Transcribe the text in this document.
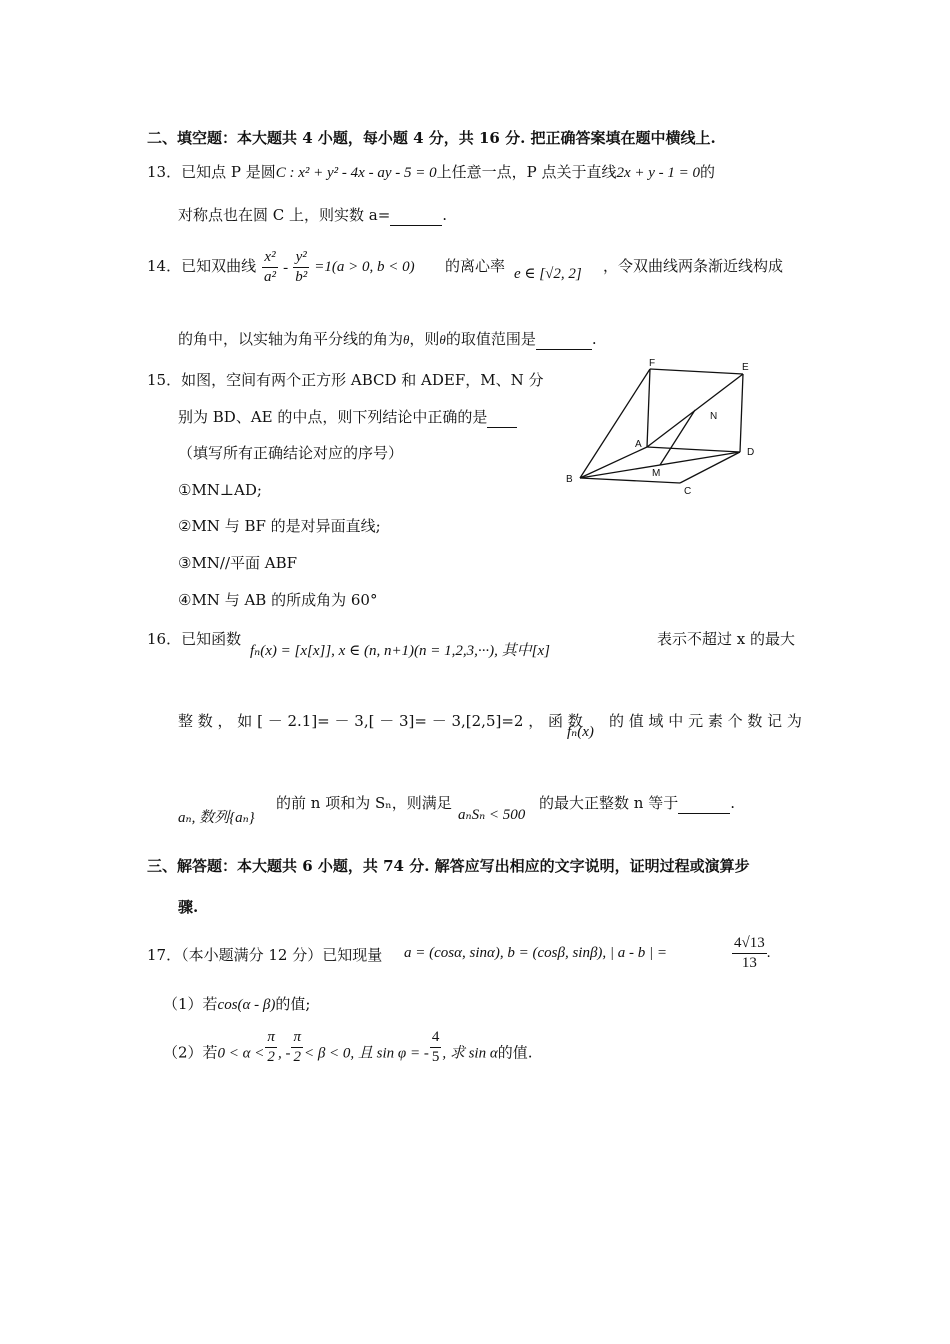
二、填空题：本大题共 4 小题，每小题 4 分，共 16 分. 把正确答案填在题中横线上.
13．已知点 P 是圆C : x² + y² - 4x - ay - 5 = 0上任意一点，P 点关于直线2x + y - 1 = 0的
对称点也在圆 C 上，则实数 a=	.
14．已知双曲线 $\frac{\text{x²}}{\text{a²}} - \frac{\text{y²}}{\text{b²}} =1(a > 0$, b < 0) 的离心率 e ∈ [√2, 2] ，令双曲线两条渐近线构成
的角中，以实轴为角平分线的角为θ，则θ的取值范围是	.
15．如图，空间有两个正方形 ABCD 和 ADEF，M、N 分
别为 BD、AE 的中点，则下列结论中正确的是
（填写所有正确结论对应的序号）
①MN⊥AD;
②MN 与 BF 的是对异面直线;
③MN//平面 ABF
④MN 与 AB 的所成角为 60°
F	E
N
A
D
M
B
C
16．已知函数
fₙ(x) = [x[x]], x ∈ (n, n+1)(n = 1,2,3,···), 其中[x]
表示不超过 x 的最大
整 数 ， 如 [ － 2.1]= － 3,[ － 3]= － 3,[2,5]=2 ， 函 数
fₙ(x)
的 值 域 中 元 素 个 数 记 为
aₙ, 数列{aₙ}
的前 n 项和为 Sₙ，则满足
aₙSₙ < 500
的最大正整数 n 等于	.
三、解答题：本大题共 6 小题，共 74 分. 解答应写出相应的文字说明，证明过程或演算步
骤.
17．（本小题满分 12 分）已知现量 a = (cosα, sinα), b = (cosβ, sinβ), | a - b | =	$\frac{4√13}{13}$ .
（1）若cos(α - β)的值;
（2）若$0 < \alpha < \frac{\pi}{2}$ , - $\frac{\pi}{2} < \beta < 0$, 且 sin φ = - $\frac{4}{5}$ , 求 sin α的值.
